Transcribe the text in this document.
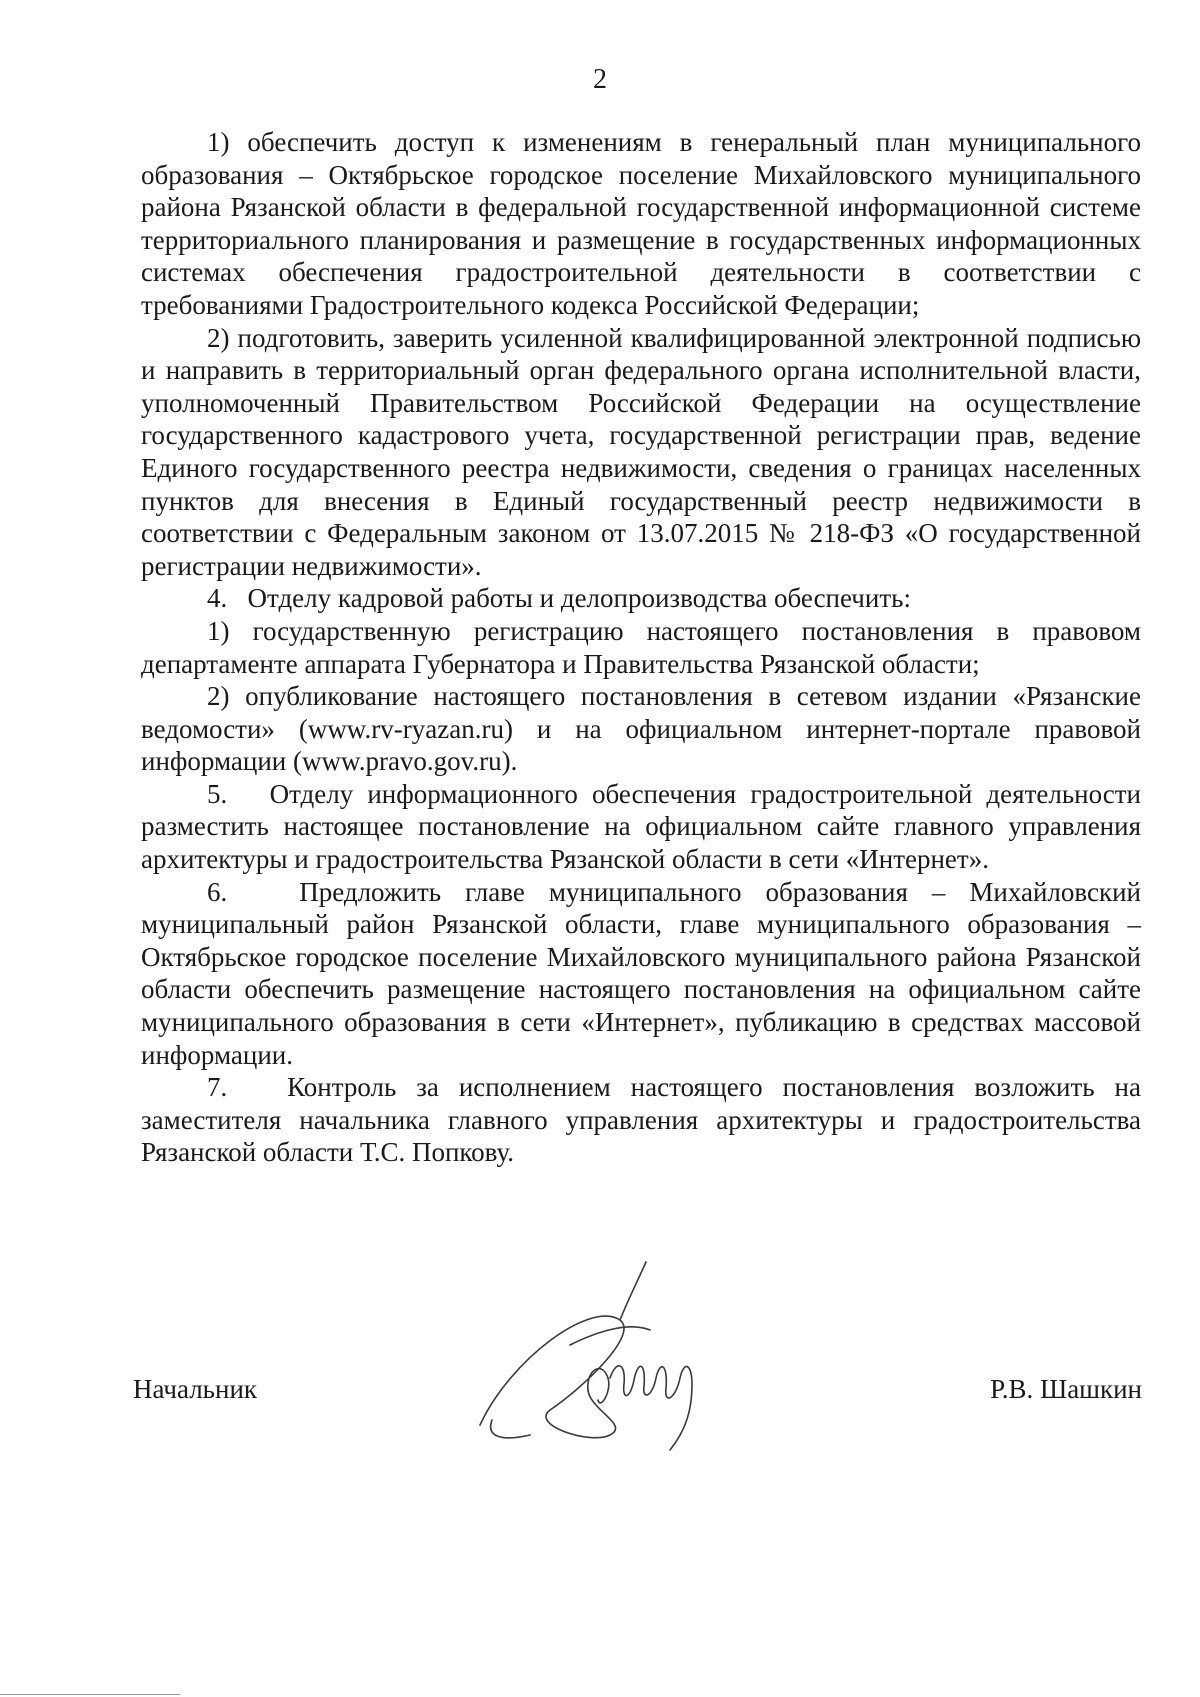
2

1) обеспечить доступ к изменениям в генеральный план муниципального образования – Октябрьское городское поселение Михайловского муниципального района Рязанской области в федеральной государственной информационной системе территориального планирования и размещение в государственных информационных системах обеспечения градостроительной деятельности в соответствии с требованиями Градостроительного кодекса Российской Федерации;

2) подготовить, заверить усиленной квалифицированной электронной подписью и направить в территориальный орган федерального органа исполнительной власти, уполномоченный Правительством Российской Федерации на осуществление государственного кадастрового учета, государственной регистрации прав, ведение Единого государственного реестра недвижимости, сведения о границах населенных пунктов для внесения в Единый государственный реестр недвижимости в соответствии с Федеральным законом от 13.07.2015 № 218-ФЗ «О государственной регистрации недвижимости».

4.   Отделу кадровой работы и делопроизводства обеспечить:

1) государственную регистрацию настоящего постановления в правовом департаменте аппарата Губернатора и Правительства Рязанской области;

2) опубликование настоящего постановления в сетевом издании «Рязанские ведомости» (www.rv-ryazan.ru) и на официальном интернет-портале правовой информации (www.pravo.gov.ru).

5.   Отделу информационного обеспечения градостроительной деятельности разместить настоящее постановление на официальном сайте главного управления архитектуры и градостроительства Рязанской области в сети «Интернет».

6.   Предложить главе муниципального образования – Михайловский муниципальный район Рязанской области, главе муниципального образования – Октябрьское городское поселение Михайловского муниципального района Рязанской области обеспечить размещение настоящего постановления на официальном сайте муниципального образования в сети «Интернет», публикацию в средствах массовой информации.

7.   Контроль за исполнением настоящего постановления возложить на заместителя начальника главного управления архитектуры и градостроительства Рязанской области Т.С. Попкову.

Начальник	Р.В. Шашкин
